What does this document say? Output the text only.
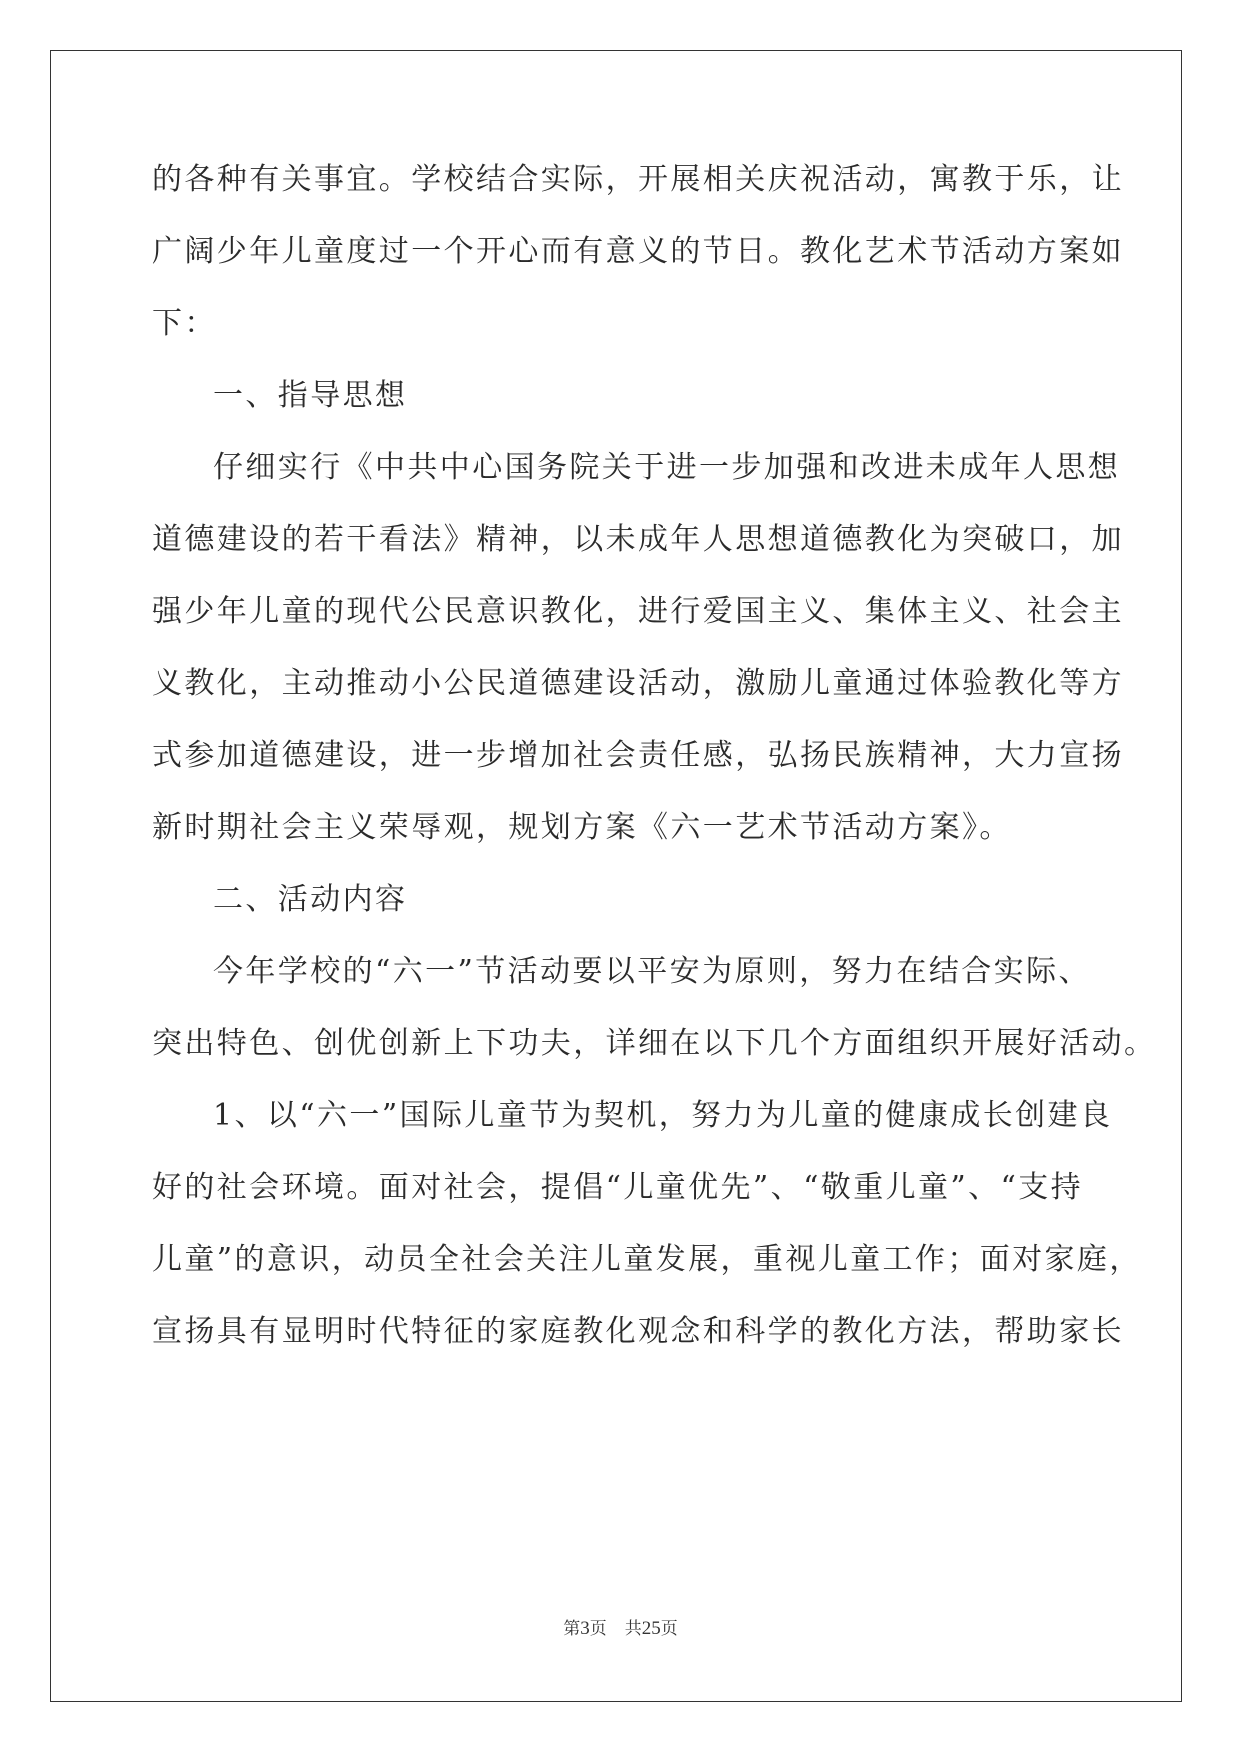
的各种有关事宜。学校结合实际，开展相关庆祝活动，寓教于乐，让
广阔少年儿童度过一个开心而有意义的节日。教化艺术节活动方案如
下：
一、指导思想
仔细实行《中共中心国务院关于进一步加强和改进未成年人思想
道德建设的若干看法》精神，以未成年人思想道德教化为突破口，加
强少年儿童的现代公民意识教化，进行爱国主义、集体主义、社会主
义教化，主动推动小公民道德建设活动，激励儿童通过体验教化等方
式参加道德建设，进一步增加社会责任感，弘扬民族精神，大力宣扬
新时期社会主义荣辱观，规划方案《六一艺术节活动方案》。
二、活动内容
今年学校的“六一”节活动要以平安为原则，努力在结合实际、
突出特色、创优创新上下功夫，详细在以下几个方面组织开展好活动。
1、以“六一”国际儿童节为契机，努力为儿童的健康成长创建良
好的社会环境。面对社会，提倡“儿童优先”、“敬重儿童”、“支持
儿童”的意识，动员全社会关注儿童发展，重视儿童工作；面对家庭，
宣扬具有显明时代特征的家庭教化观念和科学的教化方法，帮助家长
第3页 共25页
